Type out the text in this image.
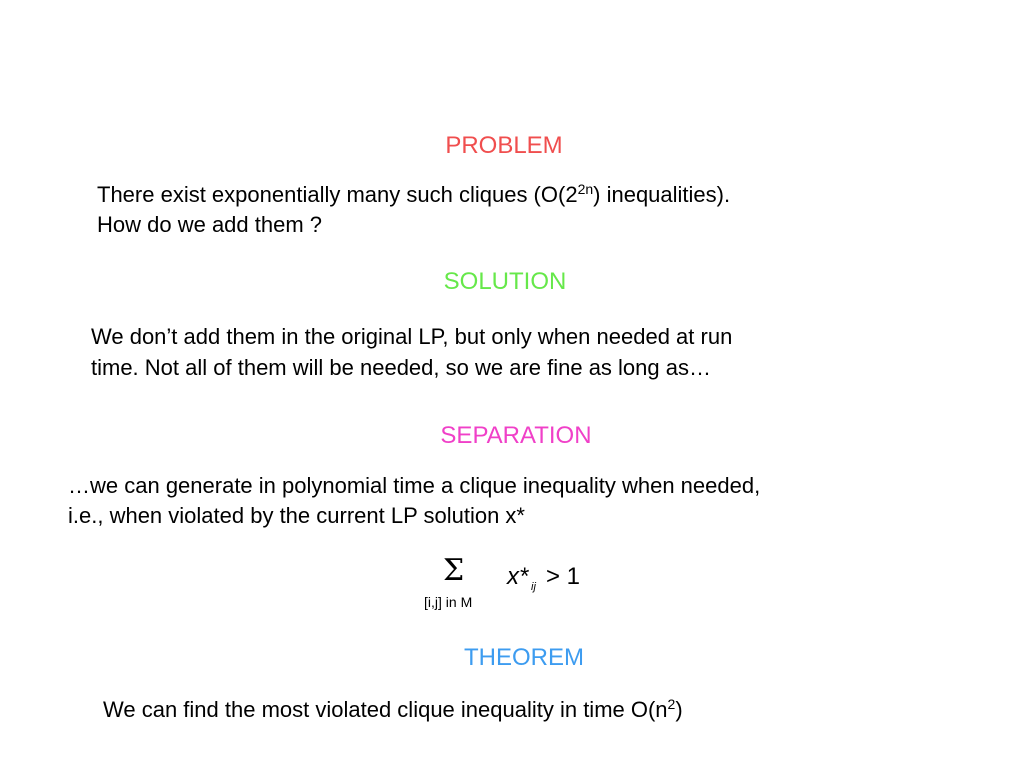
PROBLEM
There exist exponentially many such cliques ($O(2^{2n})$ inequalities).
How do we add them ?
SOLUTION
We don’t add them in the original LP, but only when needed at run
time. Not all of them will be needed, so we are fine as long as…
SEPARATION
…we can generate in polynomial time a clique inequality when needed,
i.e., when violated by the current LP solution x*
Σ
[i,j] in M
x* ij > 1
THEOREM
We can find the most violated clique inequality in time $O(n^2)$
